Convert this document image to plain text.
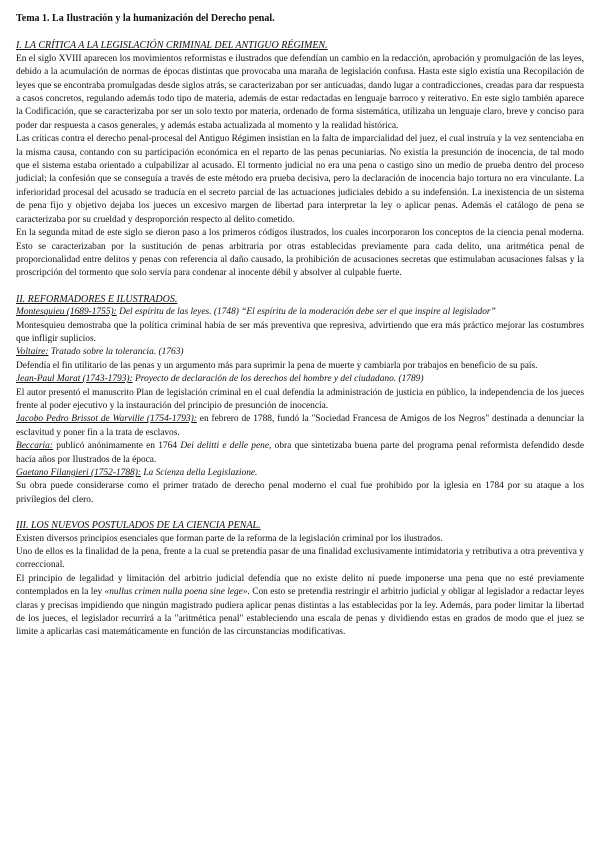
Tema 1. La Ilustración y la humanización del Derecho penal.
I. LA CRÍTICA A LA LEGISLACIÓN CRIMINAL DEL ANTIGUO RÉGIMEN.

En el siglo XVIII aparecen los movimientos reformistas e ilustrados que defendían un cambio en la redacción, aprobación y promulgación de las leyes, debido a la acumulación de normas de épocas distintas que provocaba una maraña de legislación confusa. Hasta este siglo existía una Recopilación de leyes que se encontraba promulgadas desde siglos atrás, se caracterizaban por ser anticuadas, dando lugar a contradicciones, creadas para dar respuesta a casos concretos, regulando además todo tipo de materia, además de estar redactadas en lenguaje barroco y reiterativo. En este siglo también aparece la Codificación, que se caracterizaba por ser un solo texto por materia, ordenado de forma sistemática, utilizaba un lenguaje claro, breve y conciso para poder dar respuesta a casos generales, y además estaba actualizada al momento y la realidad histórica.

Las críticas contra el derecho penal-procesal del Antiguo Régimen insistían en la falta de imparcialidad del juez, el cual instruía y la vez sentenciaba en la misma causa, contando con su participación económica en el reparto de las penas pecuniarias. No existía la presunción de inocencia, de tal modo que el sistema estaba orientado a culpabilizar al acusado. El tormento judicial no era una pena o castigo sino un medio de prueba dentro del proceso judicial; la confesión que se conseguía a través de este método era prueba decisiva, pero la declaración de inocencia bajo tortura no era vinculante. La inferioridad procesal del acusado se traducía en el secreto parcial de las actuaciones judiciales debido a su indefensión. La inexistencia de un sistema de pena fijo y objetivo dejaba los jueces un excesivo margen de libertad para interpretar la ley o aplicar penas. Además el catálogo de pena se caracterizaba por su crueldad y desproporción respecto al delito cometido.

En la segunda mitad de este siglo se dieron paso a los primeros códigos ilustrados, los cuales incorporaron los conceptos de la ciencia penal moderna. Esto se caracterizaban por la sustitución de penas arbitraria por otras establecidas previamente para cada delito, una aritmética penal de proporcionalidad entre delitos y penas con referencia al daño causado, la prohibición de acusaciones secretas que estimulaban acusaciones falsas y la proscripción del tormento que solo servía para condenar al inocente débil y absolver al culpable fuerte.

II. REFORMADORES E ILUSTRADOS.
Montesquieu (1689-1755): Del espíritu de las leyes. (1748) “El espíritu de la moderación debe ser el que inspire al legislador”

Montesquieu demostraba que la política criminal había de ser más preventiva que represiva, advirtiendo que era más práctico mejorar las costumbres que infligir suplicios.

Voltaire: Tratado sobre la tolerancia. (1763)

Defendía el fin utilitario de las penas y un argumento más para suprimir la pena de muerte y cambiarla por trabajos en beneficio de su país.

Jean-Paul Marat (1743-1793): Proyecto de declaración de los derechos del hombre y del ciudadano. (1789)

El autor presentó el manuscrito Plan de legislación criminal en el cual defendía la administración de justicia en público, la independencia de los jueces frente al poder ejecutivo y la instauración del principio de presunción de inocencia.

Jacobo Pedro Brissot de Warville (1754-1793): en febrero de 1788, fundó la "Sociedad Francesa de Amigos de los Negros" destinada a denunciar la esclavitud y poner fin a la trata de esclavos.

Beccaria: publicó anónimamente en 1764 Dei delitti e delle pene, obra que sintetizaba buena parte del programa penal reformista defendido desde hacía años por Ilustrados de la época.

Gaetano Filangieri (1752-1788): La Scienza della Legislazione.

Su obra puede considerarse como el primer tratado de derecho penal moderno el cual fue prohibido por la iglesia en 1784 por su ataque a los privilegios del clero.

III. LOS NUEVOS POSTULADOS DE LA CIENCIA PENAL.

Existen diversos principios esenciales que forman parte de la reforma de la legislación criminal por los ilustrados.

Uno de ellos es la finalidad de la pena, frente a la cual se pretendía pasar de una finalidad exclusivamente intimidatoria y retributiva a otra preventiva y correccional.

El principio de legalidad y limitación del arbitrio judicial defendía que no existe delito ni puede imponerse una pena que no esté previamente contemplados en la ley «nullus crimen nulla poena sine lege». Con esto se pretendía restringir el arbitrio judicial y obligar al legislador a redactar leyes claras y precisas impidiendo que ningún magistrado pudiera aplicar penas distintas a las establecidas por la ley. Además, para poder limitar la libertad de los jueces, el legislador recurrirá a la "aritmética penal" estableciendo una escala de penas y dividiendo estas en grados de modo que el juez se limite a aplicarlas casi matemáticamente en función de las circunstancias modificativas.
